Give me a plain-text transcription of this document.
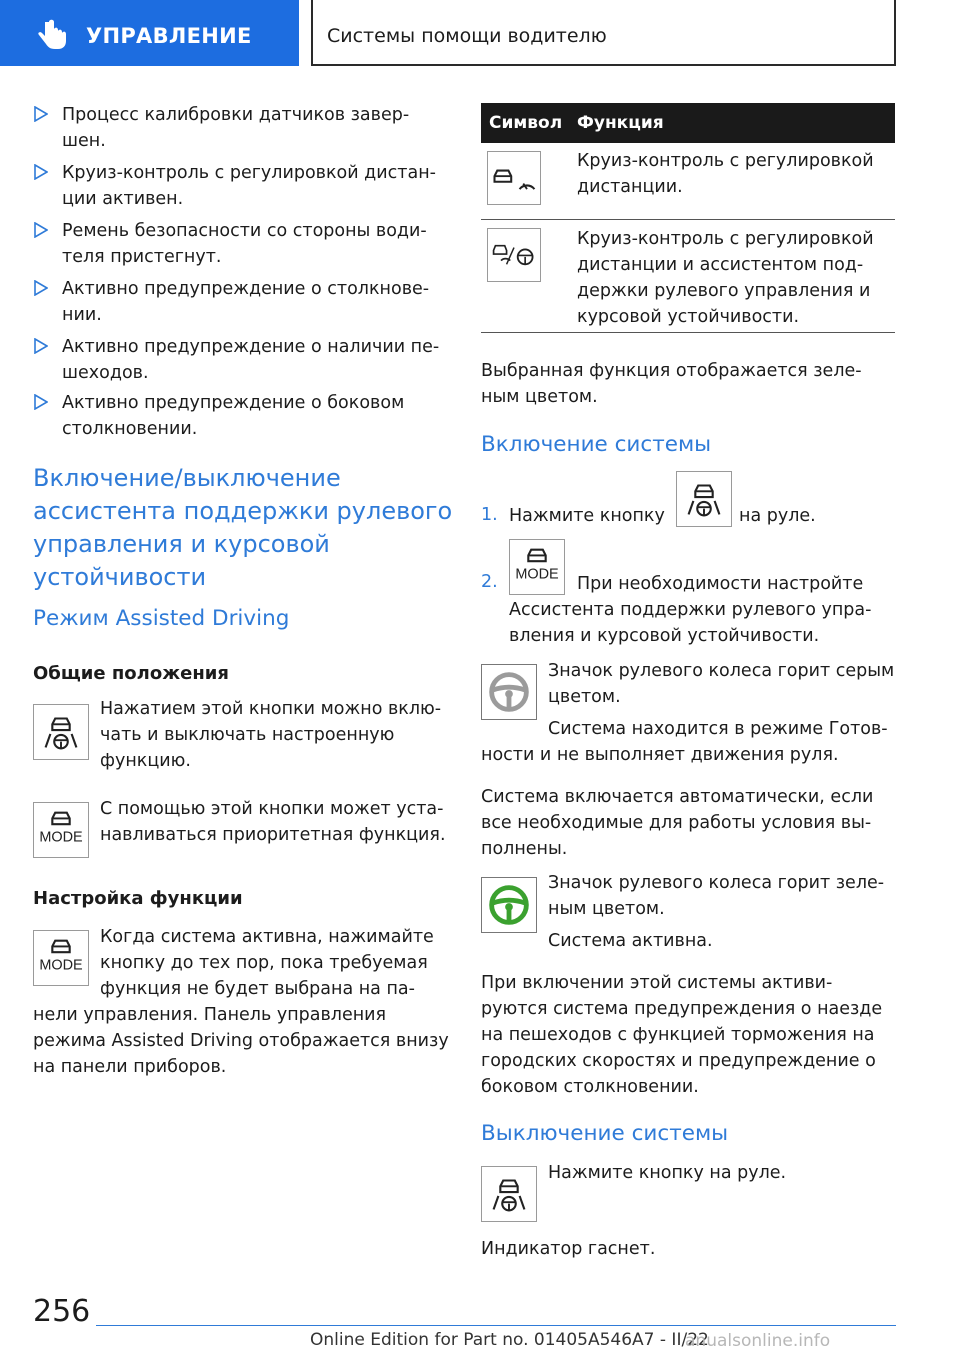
УПРАВЛЕНИЕ	Системы помощи водителю
Процесс калибровки датчиков завер-шен.
Круиз-контроль с регулировкой дистан-ции активен.
Ремень безопасности со стороны води-теля пристегнут.
Активно предупреждение о столкнове-нии.
Активно предупреждение о наличии пе-шеходов.
Активно предупреждение о боковом столкновении.
Включение/выключение ассистента поддержки рулевого управления и курсовой устойчивости
Режим Assisted Driving
Общие положения
Нажатием этой кнопки можно вклю-чать и выключать настроенную функцию.
MODE
С помощью этой кнопки может уста-навливаться приоритетная функция.
Настройка функции
MODE
Когда система активна, нажимайте кнопку до тех пор, пока требуемая функция не будет выбрана на па-
нели управления. Панель управления режима Assisted Driving отображается внизу на панели приборов.
Символ Функция
Круиз-контроль с регулировкой дистанции.
Круиз-контроль с регулировкой дистанции и ассистентом под-держки рулевого управления и курсовой устойчивости.
Выбранная функция отображается зеле-ным цветом.
Включение системы
1. Нажмите кнопку	на руле.
2. MODE При необходимости настройте
Ассистента поддержки рулевого упра-вления и курсовой устойчивости.
Значок рулевого колеса горит серым цветом.
Система находится в режиме Готов-
ности и не выполняет движения руля.
Система включается автоматически, если все необходимые для работы условия вы-полнены.
Значок рулевого колеса горит зеле-ным цветом.
Система активна.
При включении этой системы активи-руются система предупреждения о наезде на пешеходов с функцией торможения на городских скоростях и предупреждение о боковом столкновении.
Выключение системы
Нажмите кнопку на руле.
Индикатор гаснет.
256
Online Edition for Part no. 01405A546A7 - II/22
anualsonline.info
